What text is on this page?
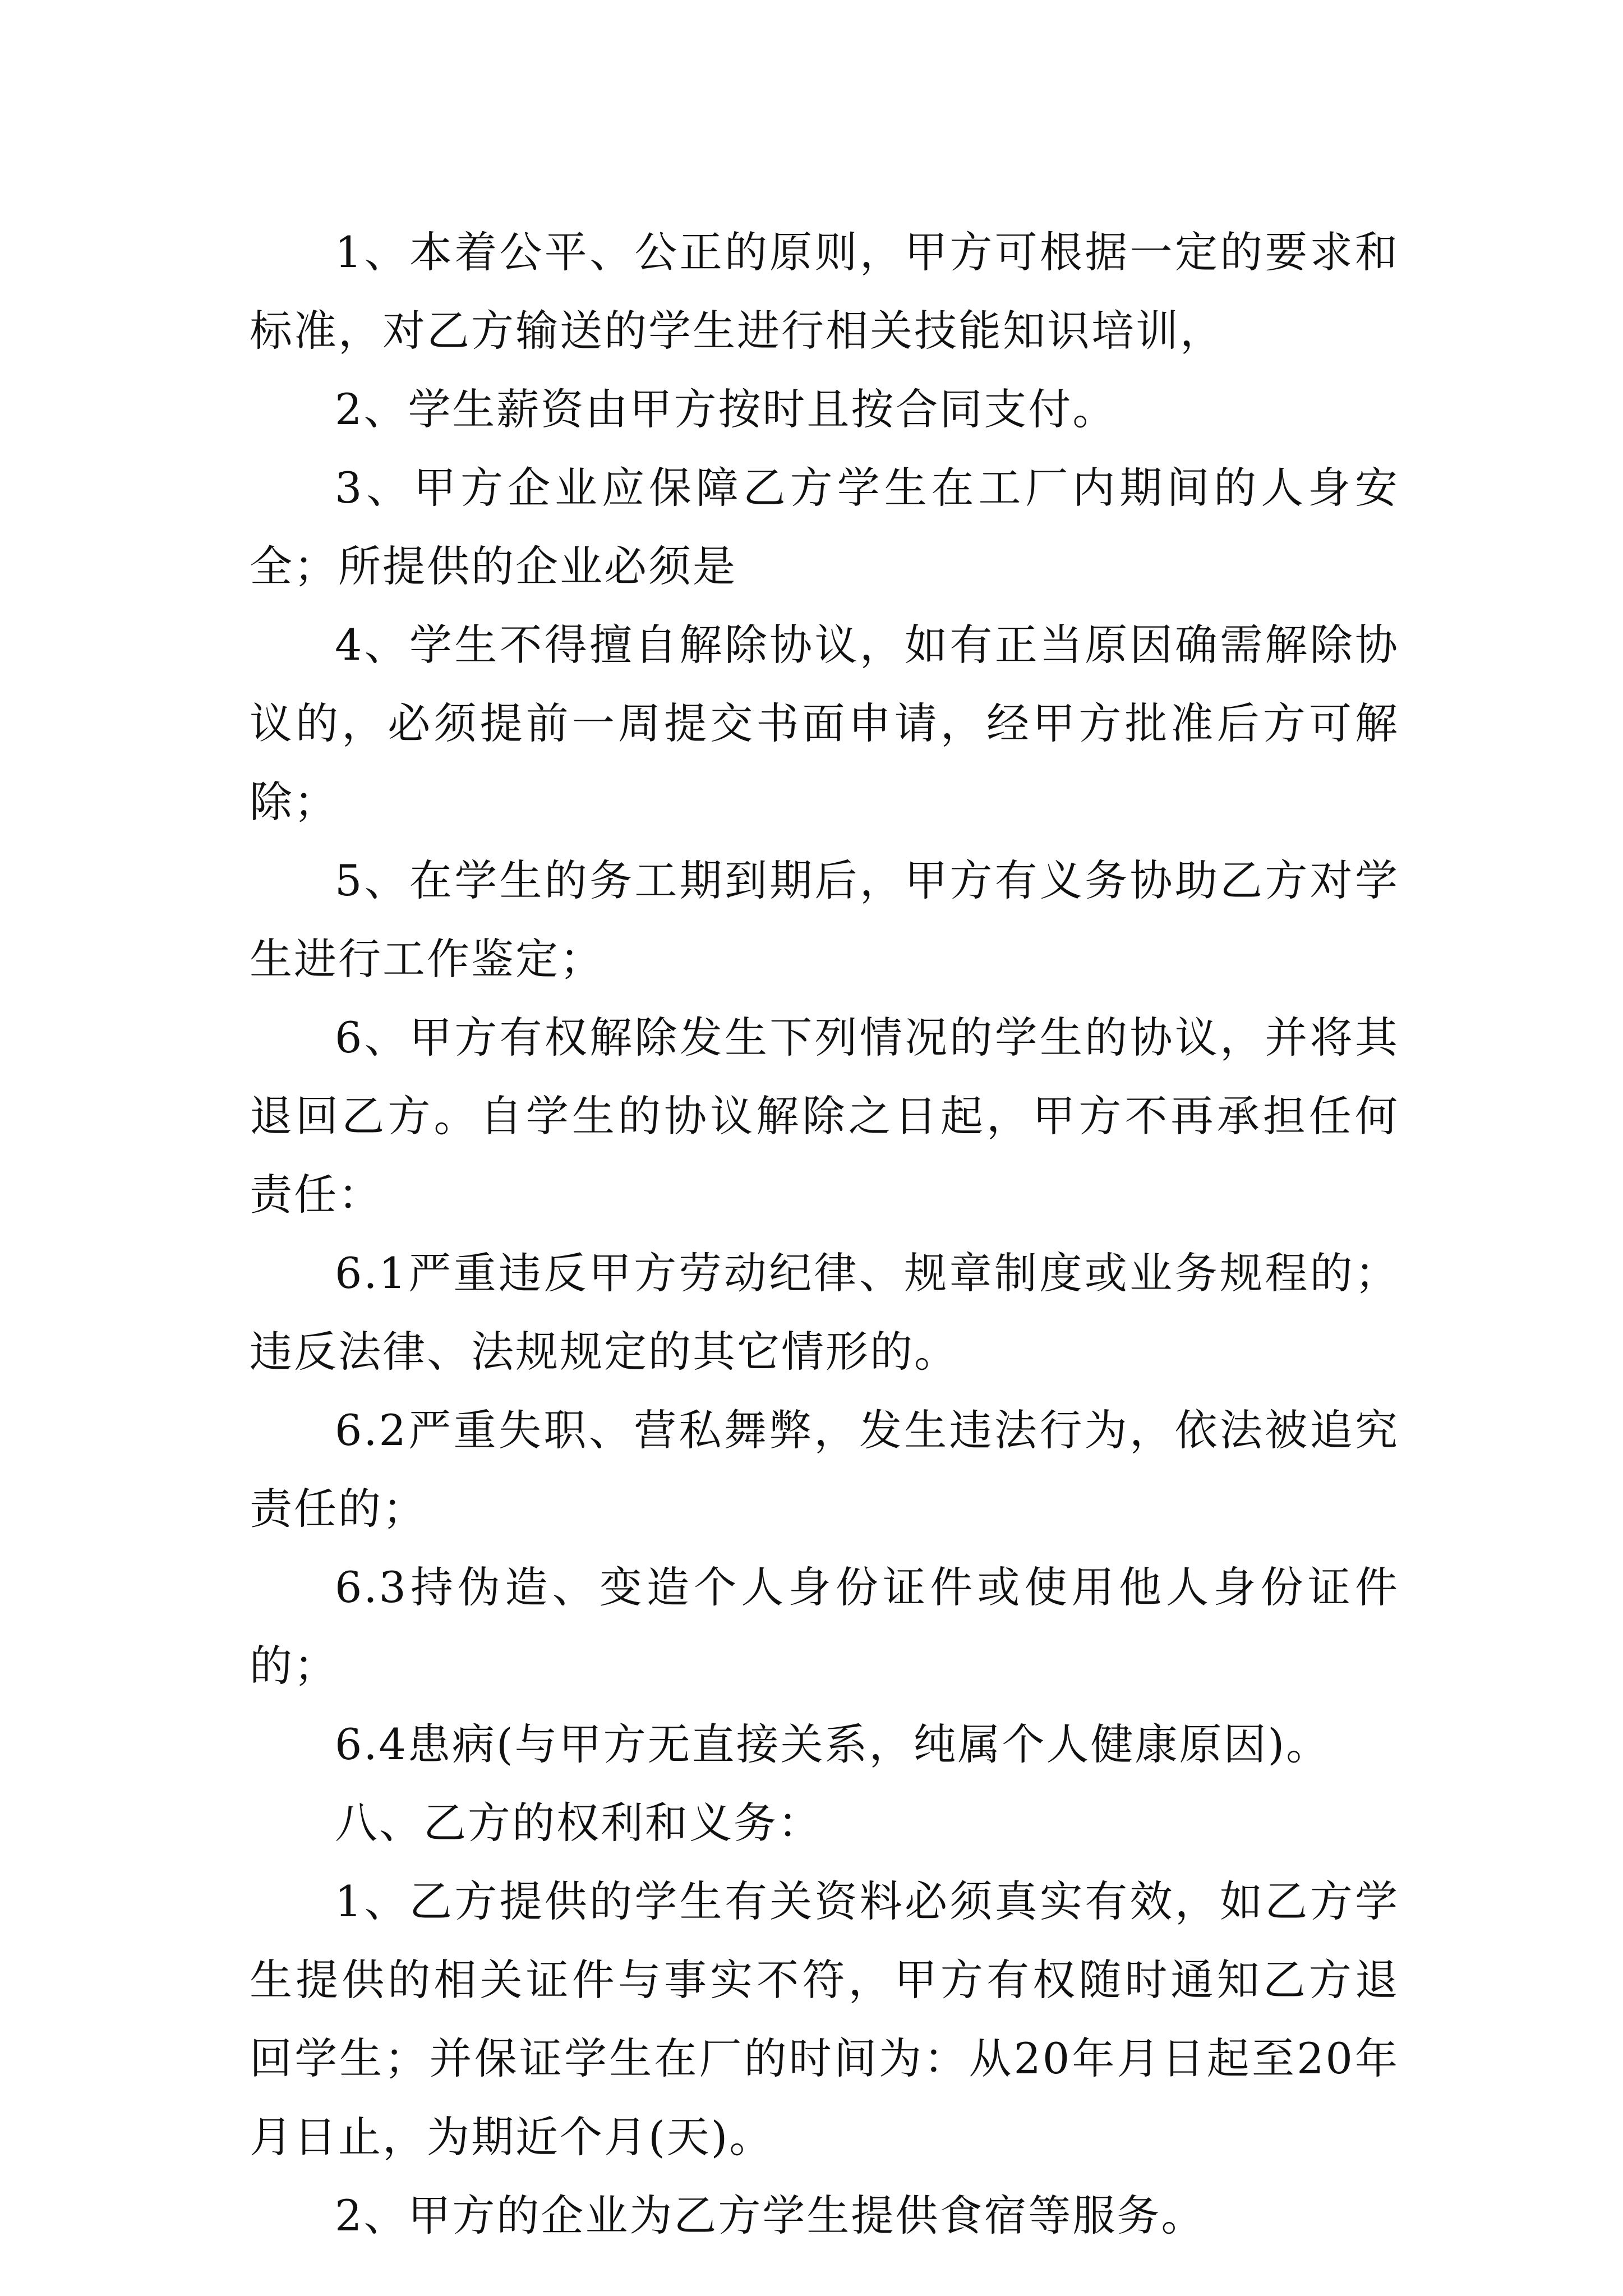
1、本着公平、公正的原则，甲方可根据一定的要求和标准，对乙方输送的学生进行相关技能知识培训，

2、学生薪资由甲方按时且按合同支付。

3、甲方企业应保障乙方学生在工厂内期间的人身安全；所提供的企业必须是

4、学生不得擅自解除协议，如有正当原因确需解除协议的，必须提前一周提交书面申请，经甲方批准后方可解除；

5、在学生的务工期到期后，甲方有义务协助乙方对学生进行工作鉴定；

6、甲方有权解除发生下列情况的学生的协议，并将其退回乙方。自学生的协议解除之日起，甲方不再承担任何责任：

6.1严重违反甲方劳动纪律、规章制度或业务规程的；违反法律、法规规定的其它情形的。

6.2严重失职、营私舞弊，发生违法行为，依法被追究责任的；

6.3持伪造、变造个人身份证件或使用他人身份证件的；

6.4患病(与甲方无直接关系，纯属个人健康原因)。

八、乙方的权利和义务：

1、乙方提供的学生有关资料必须真实有效，如乙方学生提供的相关证件与事实不符，甲方有权随时通知乙方退回学生；并保证学生在厂的时间为：从20年月日起至20年月日止，为期近个月(天)。

2、甲方的企业为乙方学生提供食宿等服务。
